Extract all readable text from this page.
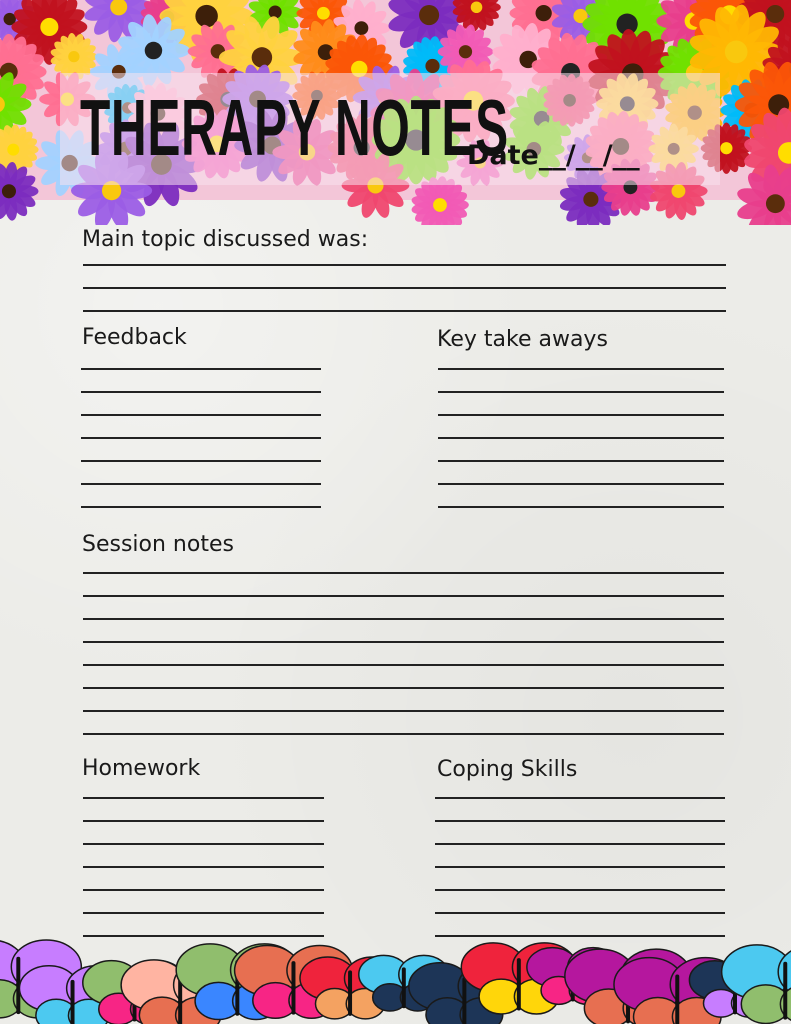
THERAPY NOTES
Date__/__/__
Main topic discussed was:
Feedback	Key take aways
Session notes
Homework	Coping Skills
